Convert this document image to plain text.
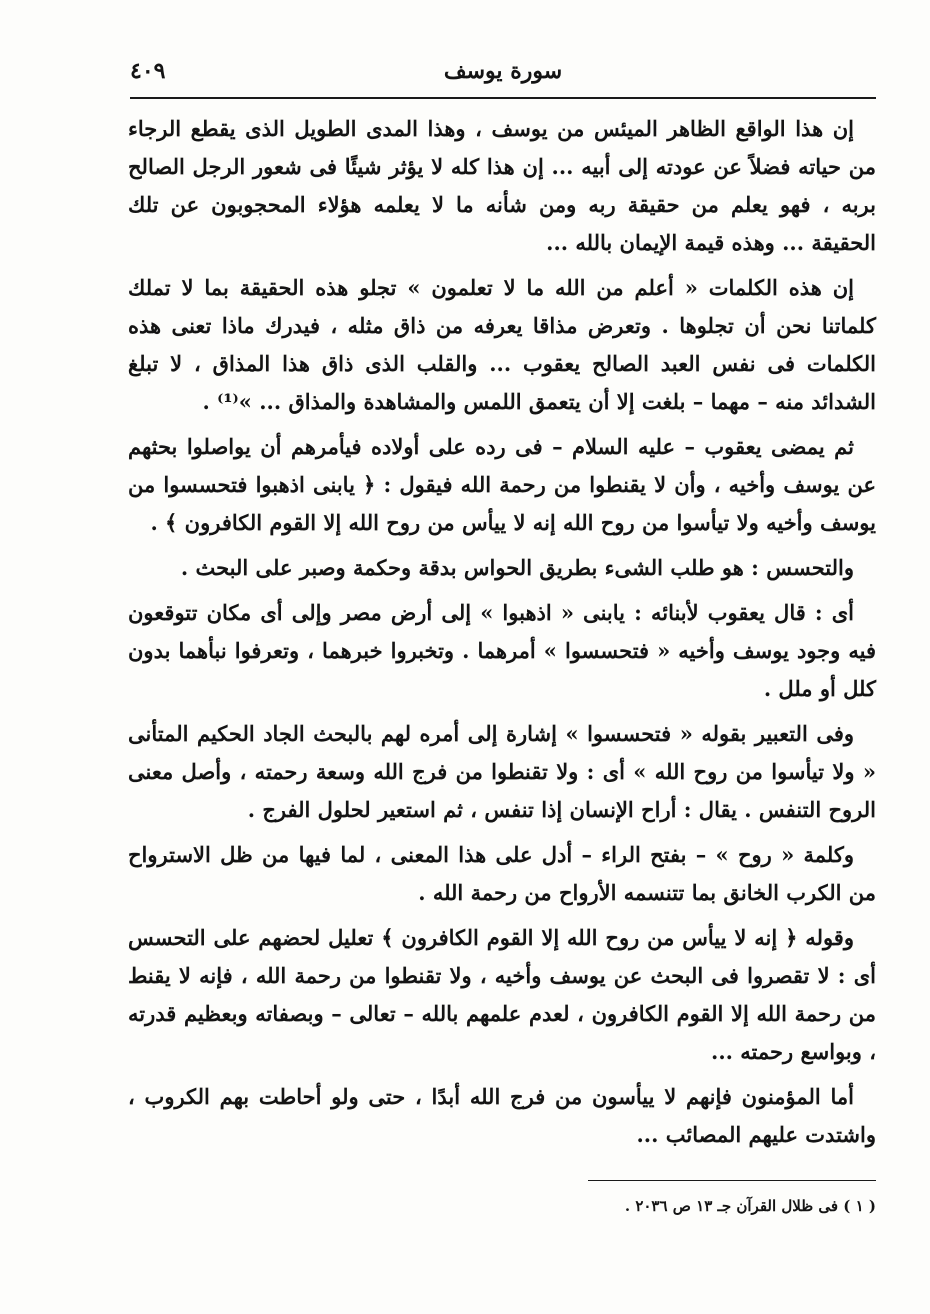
سورة يوسف
٤٠٩

إن هذا الواقع الظاهر الميئس من يوسف ، وهذا المدى الطويل الذى يقطع الرجاء من حياته فضلاً عن عودته إلى أبيه ... إن هذا كله لا يؤثر شيئًا فى شعور الرجل الصالح بربه ، فهو يعلم من حقيقة ربه ومن شأنه ما لا يعلمه هؤلاء المحجوبون عن تلك الحقيقة ... وهذه قيمة الإيمان بالله ...

إن هذه الكلمات « أعلم من الله ما لا تعلمون » تجلو هذه الحقيقة بما لا تملك كلماتنا نحن أن تجلوها . وتعرض مذاقا يعرفه من ذاق مثله ، فيدرك ماذا تعنى هذه الكلمات فى نفس العبد الصالح يعقوب ... والقلب الذى ذاق هذا المذاق ، لا تبلغ الشدائد منه – مهما – بلغت إلا أن يتعمق اللمس والمشاهدة والمذاق ... »⁽¹⁾ .

ثم يمضى يعقوب – عليه السلام – فى رده على أولاده فيأمرهم أن يواصلوا بحثهم عن يوسف وأخيه ، وأن لا يقنطوا من رحمة الله فيقول : ﴿ يابنى اذهبوا فتحسسوا من يوسف وأخيه ولا تيأسوا من روح الله إنه لا ييأس من روح الله إلا القوم الكافرون ﴾ .

والتحسس : هو طلب الشىء بطريق الحواس بدقة وحكمة وصبر على البحث .

أى : قال يعقوب لأبنائه : يابنى « اذهبوا » إلى أرض مصر وإلى أى مكان تتوقعون فيه وجود يوسف وأخيه « فتحسسوا » أمرهما . وتخبروا خبرهما ، وتعرفوا نبأهما بدون كلل أو ملل .

وفى التعبير بقوله « فتحسسوا » إشارة إلى أمره لهم بالبحث الجاد الحكيم المتأنى « ولا تيأسوا من روح الله » أى : ولا تقنطوا من فرج الله وسعة رحمته ، وأصل معنى الروح التنفس . يقال : أراح الإنسان إذا تنفس ، ثم استعير لحلول الفرج .

وكلمة « روح » – بفتح الراء – أدل على هذا المعنى ، لما فيها من ظل الاسترواح من الكرب الخانق بما تتنسمه الأرواح من رحمة الله .

وقوله ﴿ إنه لا ييأس من روح الله إلا القوم الكافرون ﴾ تعليل لحضهم على التحسس أى : لا تقصروا فى البحث عن يوسف وأخيه ، ولا تقنطوا من رحمة الله ، فإنه لا يقنط من رحمة الله إلا القوم الكافرون ، لعدم علمهم بالله – تعالى – وبصفاته وبعظيم قدرته ، وبواسع رحمته ...

أما المؤمنون فإنهم لا ييأسون من فرج الله أبدًا ، حتى ولو أحاطت بهم الكروب ، واشتدت عليهم المصائب ...

( ١ ) فى ظلال القرآن جـ ١٣ ص ٢٠٣٦ .
